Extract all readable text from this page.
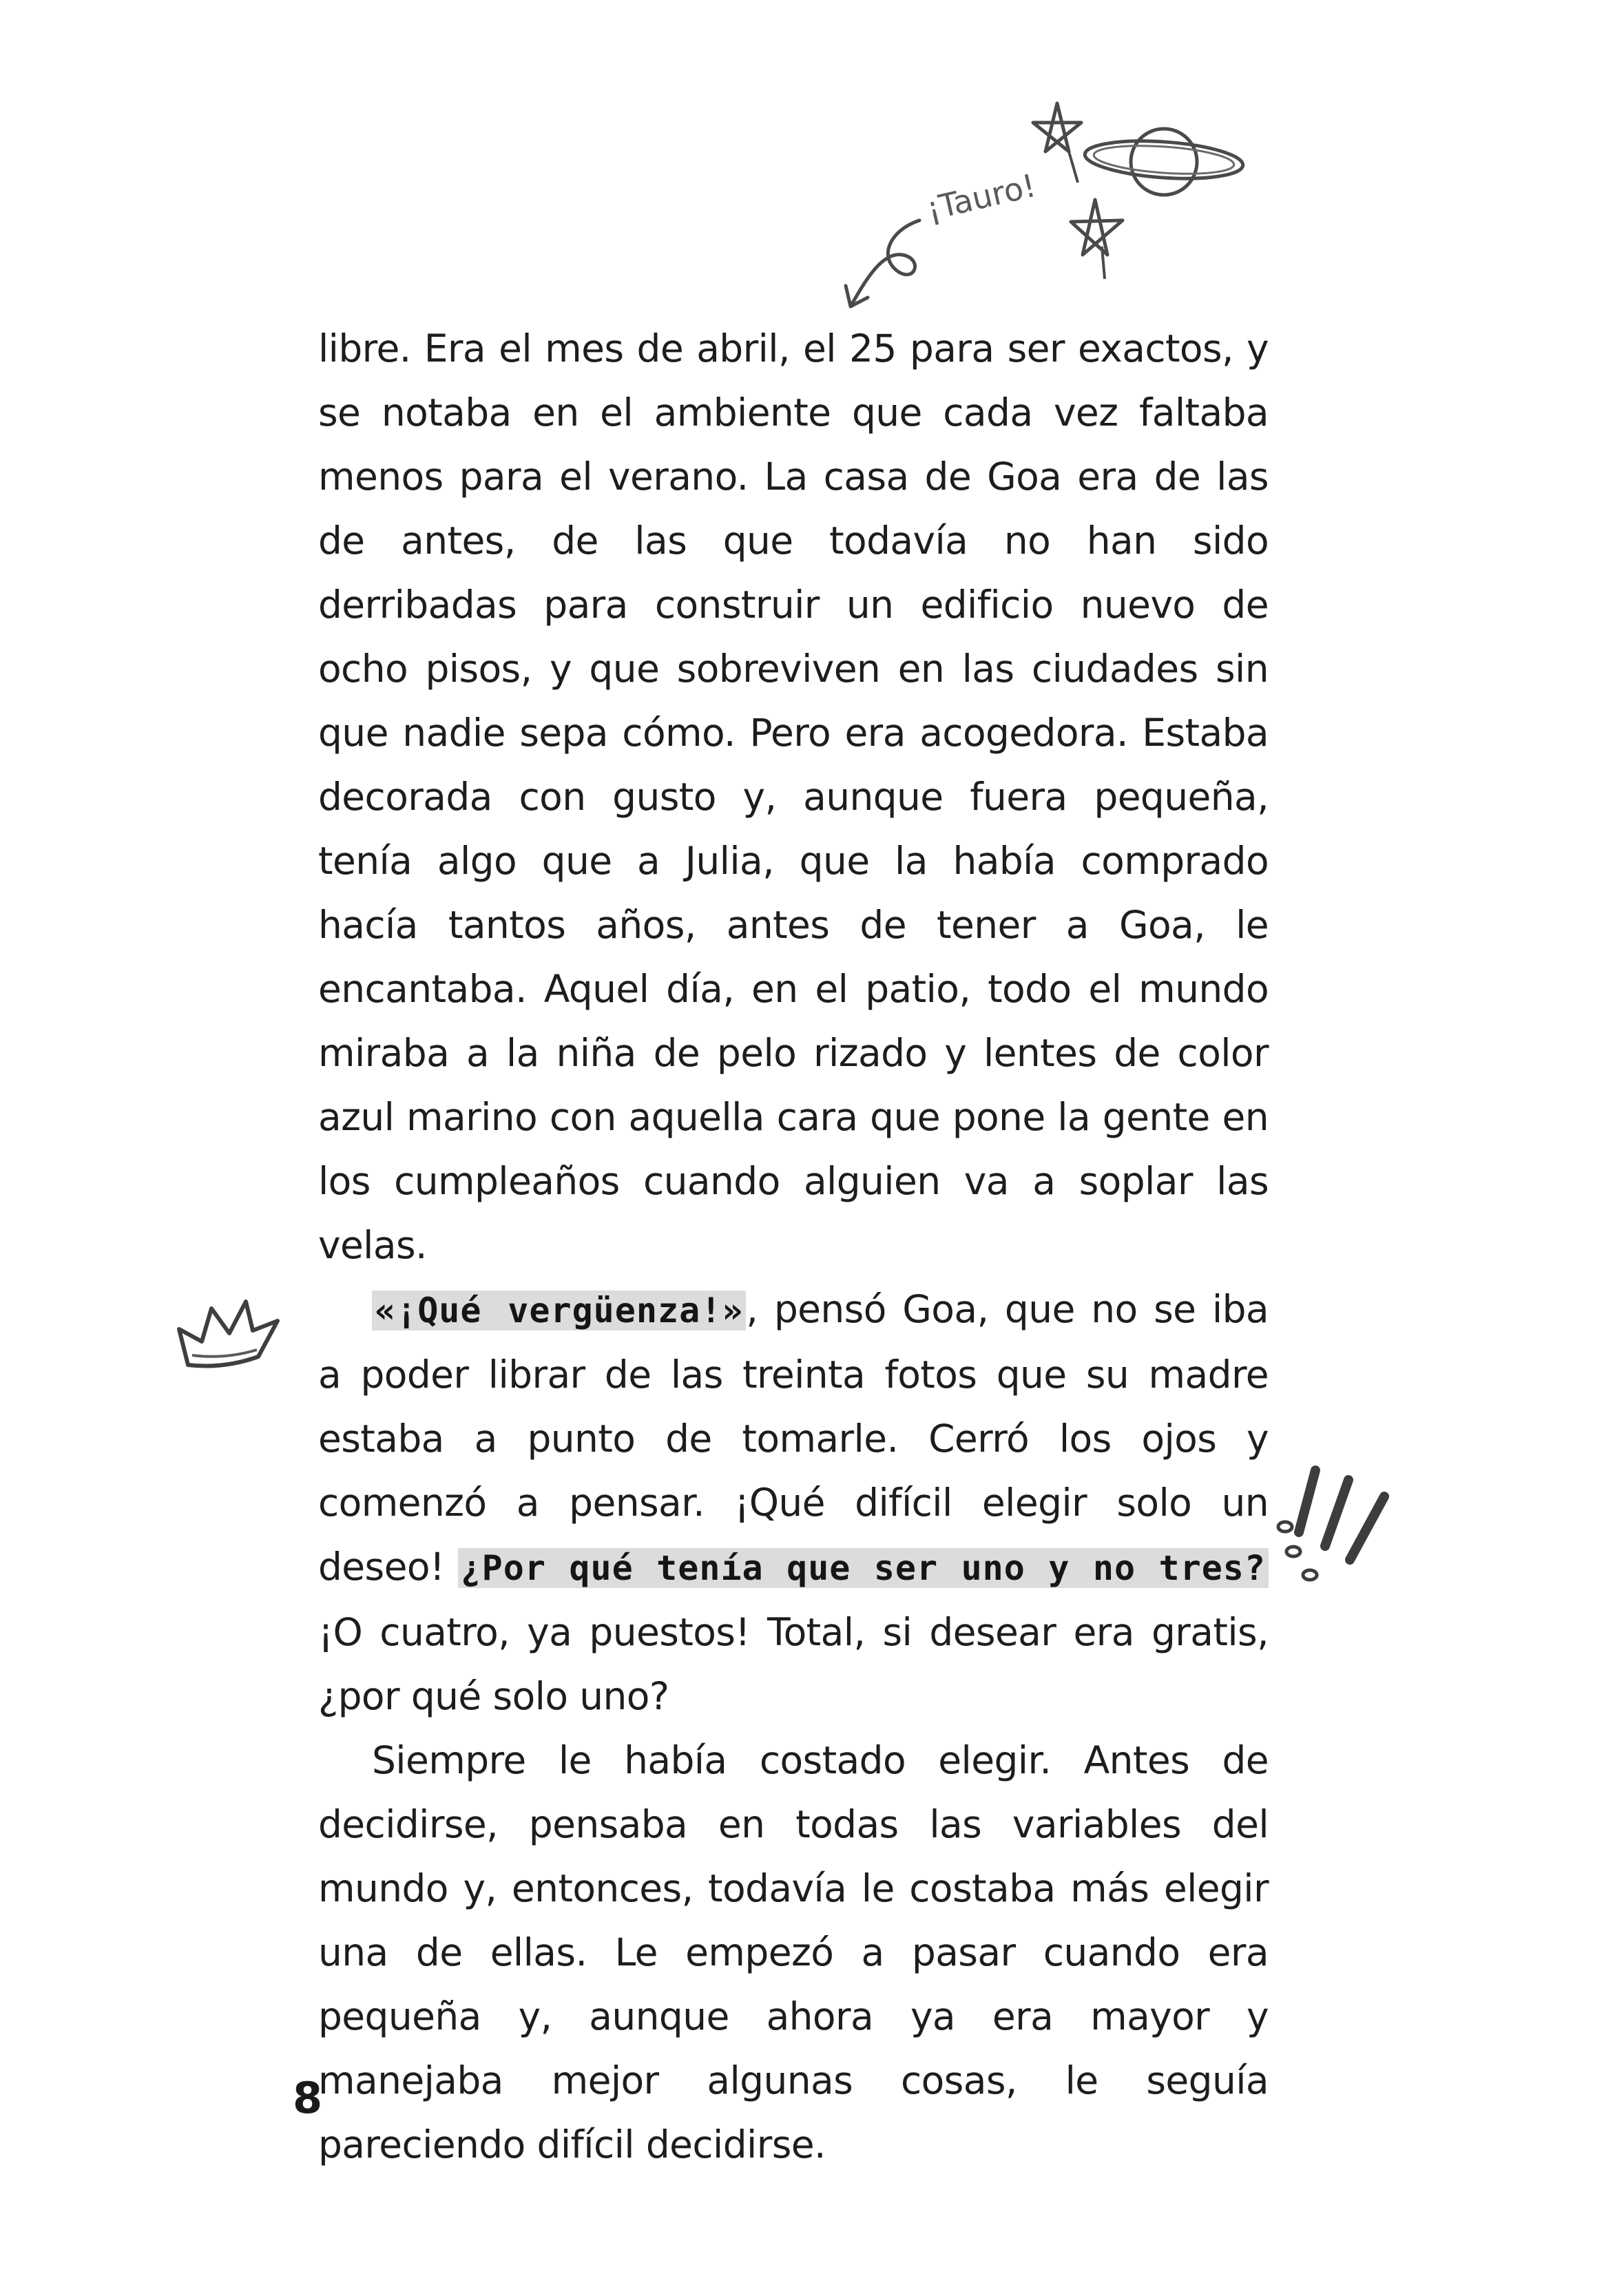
¡Tauro!

libre. Era el mes de abril, el 25 para ser exactos, y se notaba en el ambiente que cada vez faltaba menos para el verano. La casa de Goa era de las de antes, de las que todavía no han sido derribadas para construir un edificio nuevo de ocho pisos, y que sobreviven en las ciudades sin que nadie sepa cómo. Pero era acogedora. Estaba decorada con gusto y, aunque fuera pequeña, tenía algo que a Julia, que la había comprado hacía tantos años, antes de tener a Goa, le encantaba. Aquel día, en el patio, todo el mundo miraba a la niña de pelo rizado y lentes de color azul marino con aquella cara que pone la gente en los cumpleaños cuando alguien va a soplar las velas.

«¡Qué vergüenza!», pensó Goa, que no se iba a poder librar de las treinta fotos que su madre estaba a punto de tomarle. Cerró los ojos y comenzó a pensar. ¡Qué difícil elegir solo un deseo! ¿Por qué tenía que ser uno y no tres? ¡O cuatro, ya puestos! Total, si desear era gratis, ¿por qué solo uno?

Siempre le había costado elegir. Antes de decidirse, pensaba en todas las variables del mundo y, entonces, todavía le costaba más elegir una de ellas. Le empezó a pasar cuando era pequeña y, aunque ahora ya era mayor y manejaba mejor algunas cosas, le seguía pareciendo difícil decidirse.

8
